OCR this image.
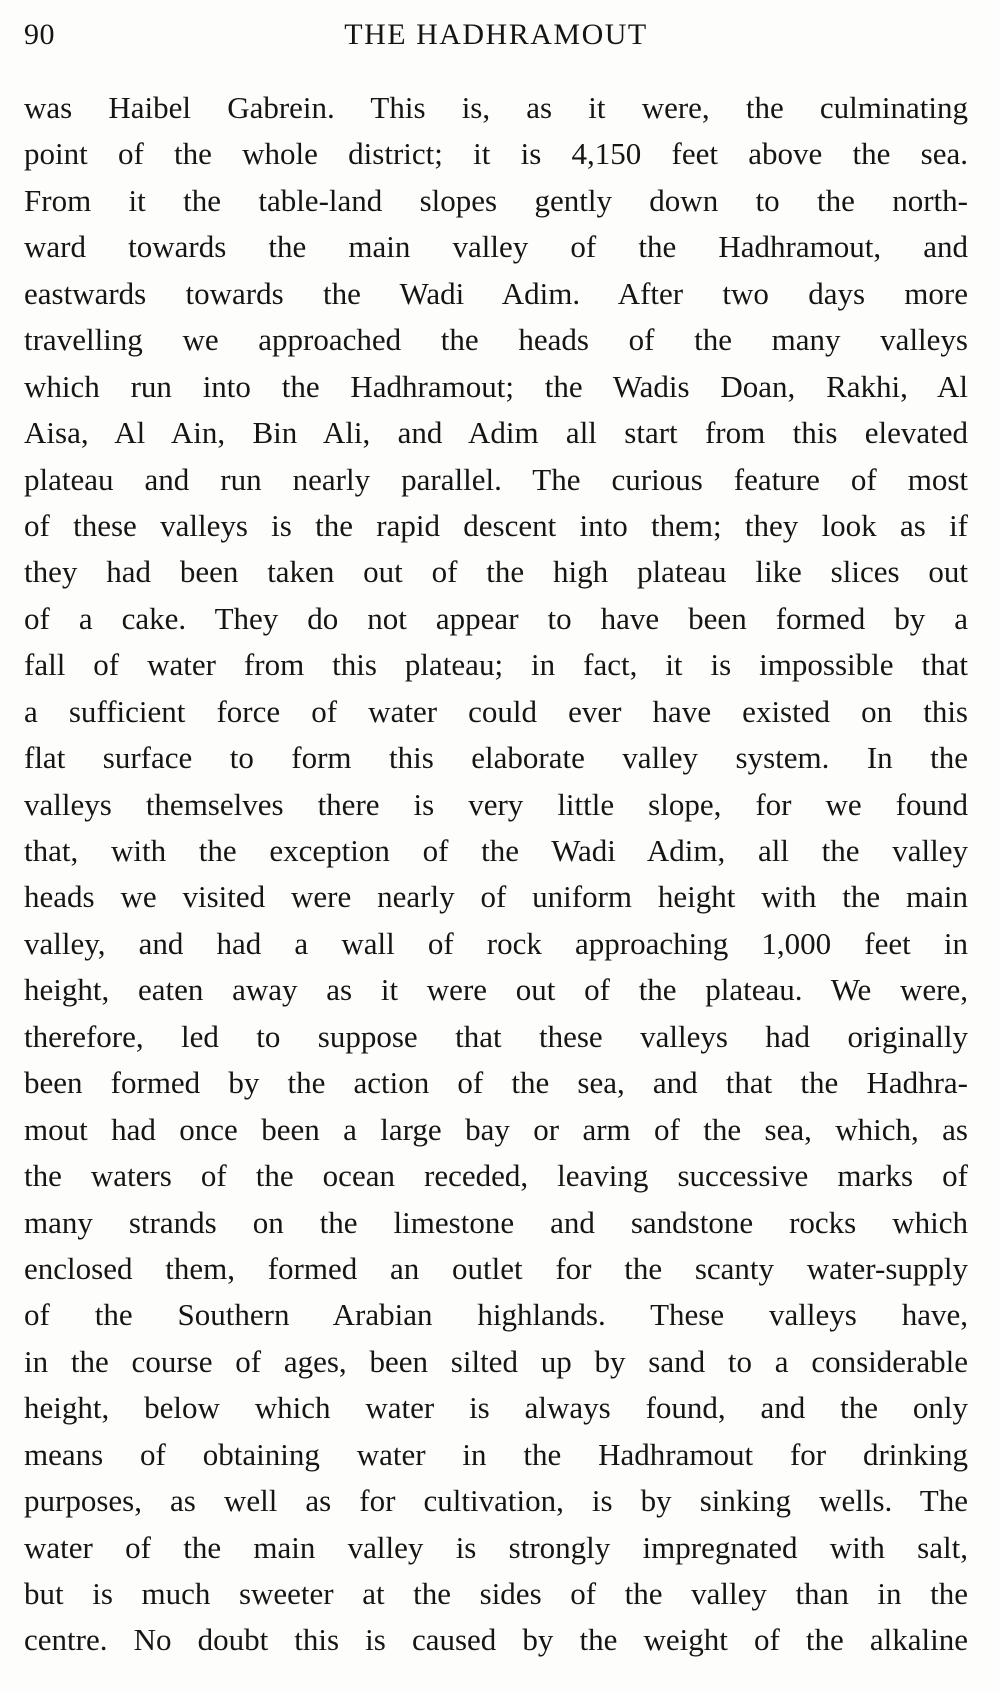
90	THE HADHRAMOUT
was Haibel Gabrein. This is, as it were, the culminating
point of the whole district; it is 4,150 feet above the sea.
From it the table-land slopes gently down to the north-
ward towards the main valley of the Hadhramout, and
eastwards towards the Wadi Adim. After two days more
travelling we approached the heads of the many valleys
which run into the Hadhramout; the Wadis Doan, Rakhi, Al
Aisa, Al Ain, Bin Ali, and Adim all start from this elevated
plateau and run nearly parallel. The curious feature of most
of these valleys is the rapid descent into them; they look as if
they had been taken out of the high plateau like slices out
of a cake. They do not appear to have been formed by a
fall of water from this plateau; in fact, it is impossible that
a sufficient force of water could ever have existed on this
flat surface to form this elaborate valley system. In the
valleys themselves there is very little slope, for we found
that, with the exception of the Wadi Adim, all the valley
heads we visited were nearly of uniform height with the main
valley, and had a wall of rock approaching 1,000 feet in
height, eaten away as it were out of the plateau. We were,
therefore, led to suppose that these valleys had originally
been formed by the action of the sea, and that the Hadhra-
mout had once been a large bay or arm of the sea, which, as
the waters of the ocean receded, leaving successive marks of
many strands on the limestone and sandstone rocks which
enclosed them, formed an outlet for the scanty water-supply
of the Southern Arabian highlands. These valleys have,
in the course of ages, been silted up by sand to a considerable
height, below which water is always found, and the only
means of obtaining water in the Hadhramout for drinking
purposes, as well as for cultivation, is by sinking wells. The
water of the main valley is strongly impregnated with salt,
but is much sweeter at the sides of the valley than in the
centre. No doubt this is caused by the weight of the alkaline
